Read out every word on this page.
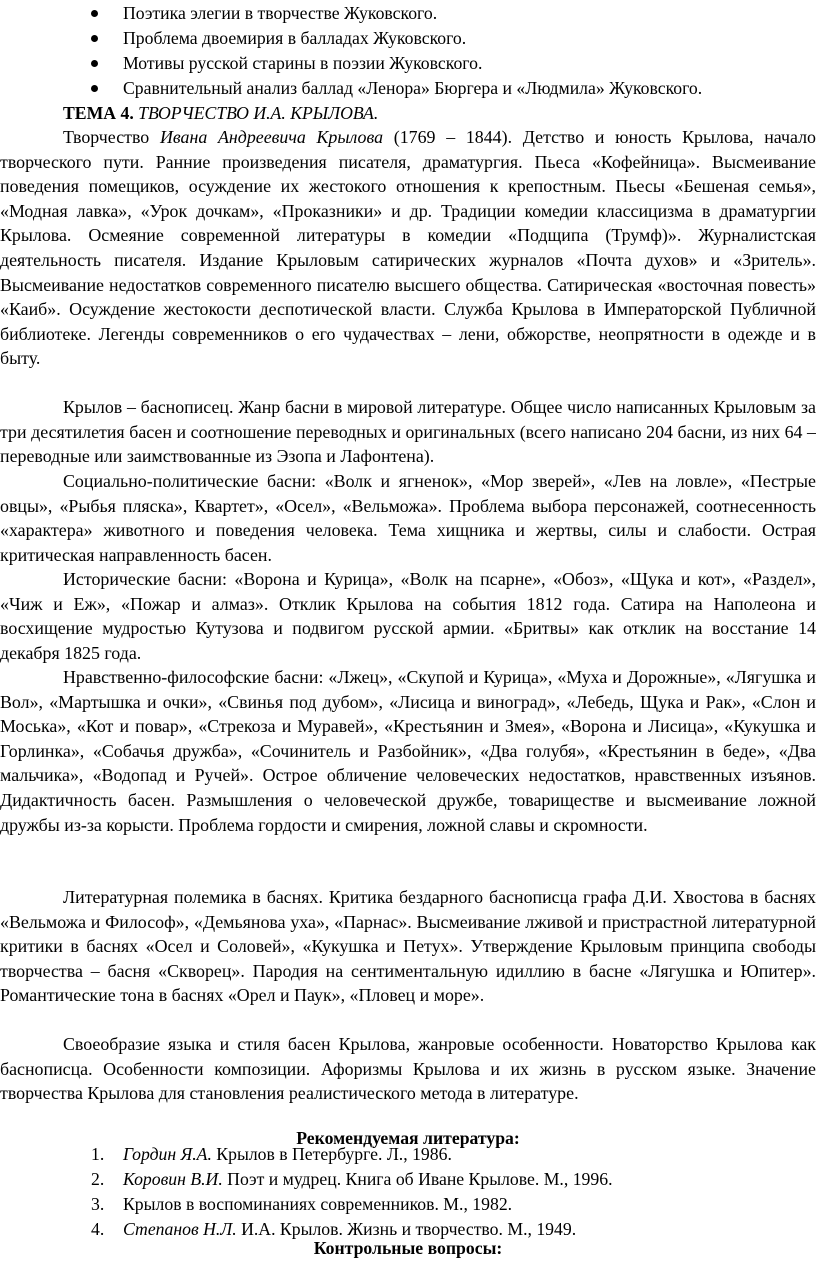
Поэтика элегии в творчестве Жуковского.
Проблема двоемирия в балладах Жуковского.
Мотивы русской старины в поэзии Жуковского.
Сравнительный анализ баллад «Ленора» Бюргера и «Людмила» Жуковского.
ТЕМА 4. ТВОРЧЕСТВО И.А. КРЫЛОВА.

Творчество Ивана Андреевича Крылова (1769 – 1844). Детство и юность Крылова, начало творческого пути. Ранние произведения писателя, драматургия. Пьеса «Кофейница». Высмеивание поведения помещиков, осуждение их жестокого отношения к крепостным. Пьесы «Бешеная семья», «Модная лавка», «Урок дочкам», «Проказники» и др. Традиции комедии классицизма в драматургии Крылова. Осмеяние современной литературы в комедии «Подщипа (Трумф)». Журналистская деятельность писателя. Издание Крыловым сатирических журналов «Почта духов» и «Зритель». Высмеивание недостатков современного писателю высшего общества. Сатирическая «восточная повесть» «Каиб». Осуждение жестокости деспотической власти. Служба Крылова в Императорской Публичной библиотеке. Легенды современников о его чудачествах – лени, обжорстве, неопрятности в одежде и в быту.

Крылов – баснописец. Жанр басни в мировой литературе. Общее число написанных Крыловым за три десятилетия басен и соотношение переводных и оригинальных (всего написано 204 басни, из них 64 – переводные или заимствованные из Эзопа и Лафонтена).

Социально-политические басни: «Волк и ягненок», «Мор зверей», «Лев на ловле», «Пестрые овцы», «Рыбья пляска», Квартет», «Осел», «Вельможа». Проблема выбора персонажей, соотнесенность «характера» животного и поведения человека. Тема хищника и жертвы, силы и слабости. Острая критическая направленность басен.

Исторические басни: «Ворона и Курица», «Волк на псарне», «Обоз», «Щука и кот», «Раздел», «Чиж и Еж», «Пожар и алмаз». Отклик Крылова на события 1812 года. Сатира на Наполеона и восхищение мудростью Кутузова и подвигом русской армии. «Бритвы» как отклик на восстание 14 декабря 1825 года.

Нравственно-философские басни: «Лжец», «Скупой и Курица», «Муха и Дорожные», «Лягушка и Вол», «Мартышка и очки», «Свинья под дубом», «Лисица и виноград», «Лебедь, Щука и Рак», «Слон и Моська», «Кот и повар», «Стрекоза и Муравей», «Крестьянин и Змея», «Ворона и Лисица», «Кукушка и Горлинка», «Собачья дружба», «Сочинитель и Разбойник», «Два голубя», «Крестьянин в беде», «Два мальчика», «Водопад и Ручей». Острое обличение человеческих недостатков, нравственных изъянов. Дидактичность басен. Размышления о человеческой дружбе, товариществе и высмеивание ложной дружбы из-за корысти. Проблема гордости и смирения, ложной славы и скромности.

Литературная полемика в баснях. Критика бездарного баснописца графа Д.И. Хвостова в баснях «Вельможа и Философ», «Демьянова уха», «Парнас». Высмеивание лживой и пристрастной литературной критики в баснях «Осел и Соловей», «Кукушка и Петух». Утверждение Крыловым принципа свободы творчества – басня «Скворец». Пародия на сентиментальную идиллию в басне «Лягушка и Юпитер». Романтические тона в баснях «Орел и Паук», «Пловец и море».

Своеобразие языка и стиля басен Крылова, жанровые особенности. Новаторство Крылова как баснописца. Особенности композиции. Афоризмы Крылова и их жизнь в русском языке. Значение творчества Крылова для становления реалистического метода в литературе.

Рекомендуемая литература:
1. Гордин Я.А. Крылов в Петербурге. Л., 1986.
2. Коровин В.И. Поэт и мудрец. Книга об Иване Крылове. М., 1996.
3. Крылов в воспоминаниях современников. М., 1982.
4. Степанов Н.Л. И.А. Крылов. Жизнь и творчество. М., 1949.
Контрольные вопросы:
